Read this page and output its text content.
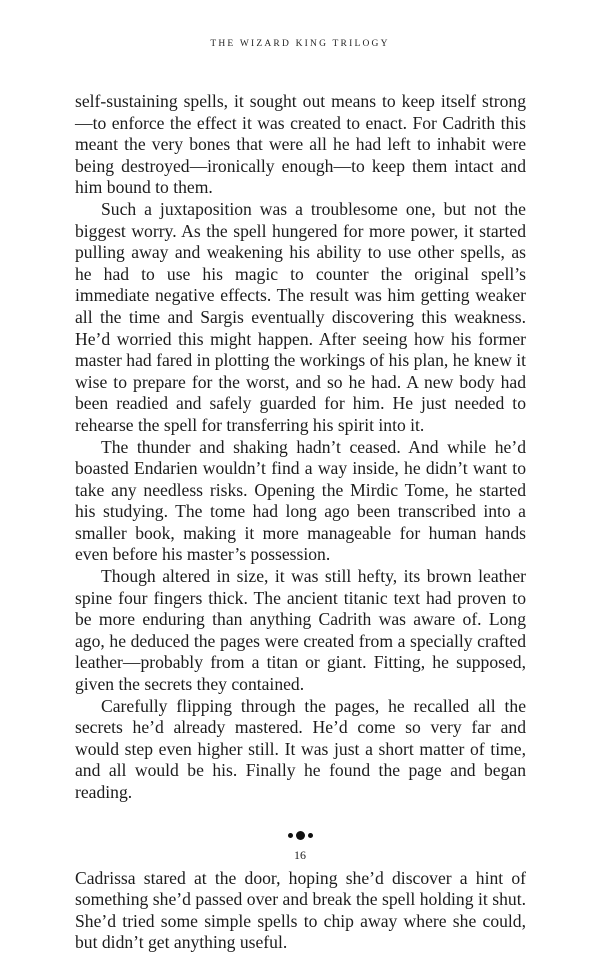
THE WIZARD KING TRILOGY

self-sustaining spells, it sought out means to keep itself strong—to enforce the effect it was created to enact. For Cadrith this meant the very bones that were all he had left to inhabit were being destroyed—ironically enough—to keep them intact and him bound to them.

Such a juxtaposition was a troublesome one, but not the biggest worry. As the spell hungered for more power, it started pulling away and weakening his ability to use other spells, as he had to use his magic to counter the original spell’s immediate negative effects. The result was him getting weaker all the time and Sargis eventually discovering this weakness. He’d worried this might happen. After seeing how his former master had fared in plotting the workings of his plan, he knew it wise to prepare for the worst, and so he had. A new body had been readied and safely guarded for him. He just needed to rehearse the spell for transferring his spirit into it.

The thunder and shaking hadn’t ceased. And while he’d boasted Endarien wouldn’t find a way inside, he didn’t want to take any needless risks. Opening the Mirdic Tome, he started his studying. The tome had long ago been transcribed into a smaller book, making it more manageable for human hands even before his master’s possession.

Though altered in size, it was still hefty, its brown leather spine four fingers thick. The ancient titanic text had proven to be more enduring than anything Cadrith was aware of. Long ago, he deduced the pages were created from a specially crafted leather—probably from a titan or giant. Fitting, he supposed, given the secrets they contained.

Carefully flipping through the pages, he recalled all the secrets he’d already mastered. He’d come so very far and would step even higher still. It was just a short matter of time, and all would be his. Finally he found the page and began reading.

Cadrissa stared at the door, hoping she’d discover a hint of something she’d passed over and break the spell holding it shut. She’d tried some simple spells to chip away where she could, but didn’t get anything useful.

16
